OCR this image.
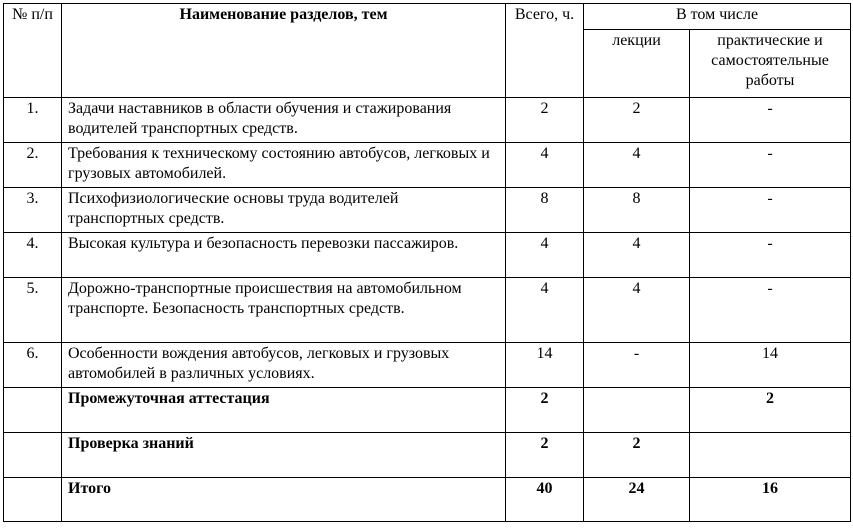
№ п/п	Наименование разделов, тем	Всего, ч.	В том числе	
			лекции	практические и самостоятельные работы
1.	Задачи наставников в области обучения и стажирования водителей транспортных средств.	2	2	-
2.	Требования к техническому состоянию автобусов, легковых и грузовых автомобилей.	4	4	-
3.	Психофизиологические основы труда водителей транспортных средств.	8	8	-
4.	Высокая культура и безопасность перевозки пассажиров.	4	4	-
5.	Дорожно-транспортные происшествия на автомобильном транспорте. Безопасность транспортных средств.	4	4	-
6.	Особенности вождения автобусов, легковых и грузовых автомобилей в различных условиях.	14	-	14
	Промежуточная аттестация	2		2
	Проверка знаний	2	2	
	Итого	40	24	16
